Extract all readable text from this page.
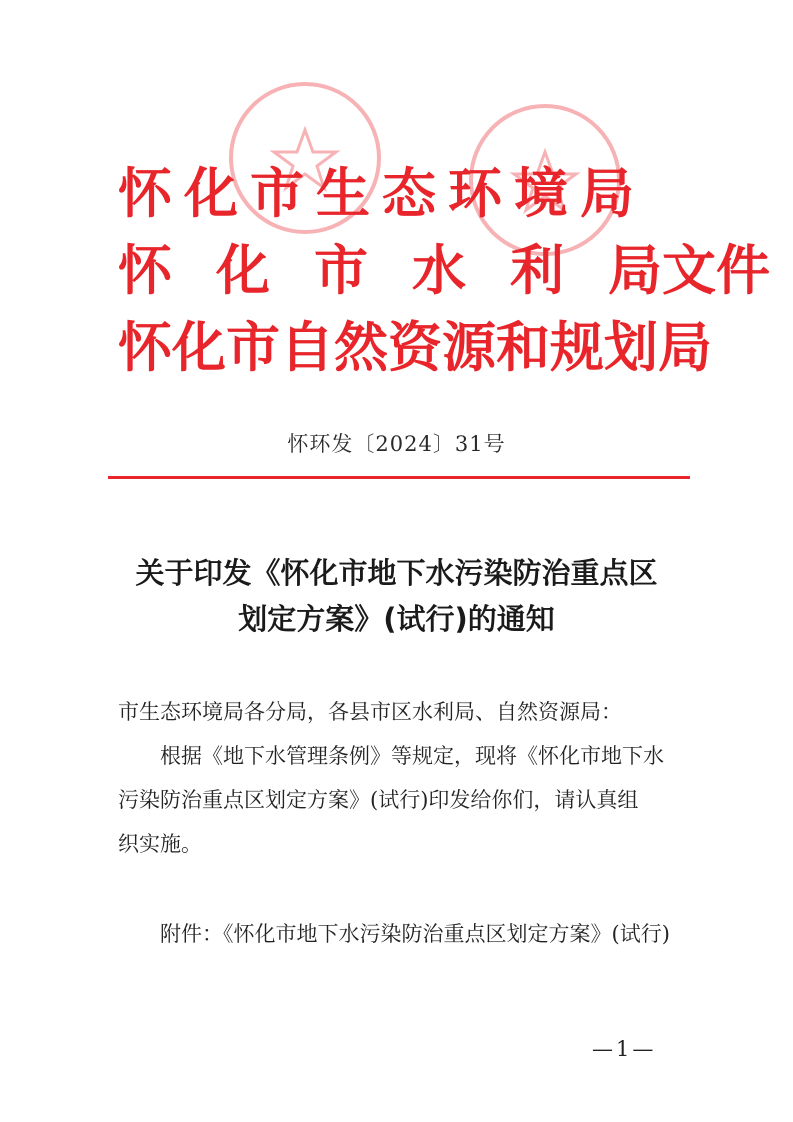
怀化市生态环境局
怀 化 市 水 利 局文件
怀化市自然资源和规划局
怀环发〔2024〕31号
关于印发《怀化市地下水污染防治重点区
划定方案》(试行)的通知
市生态环境局各分局，各县市区水利局、自然资源局：
根据《地下水管理条例》等规定，现将《怀化市地下水
污染防治重点区划定方案》(试行)印发给你们，请认真组
织实施。
附件：《怀化市地下水污染防治重点区划定方案》(试行)
—1—
